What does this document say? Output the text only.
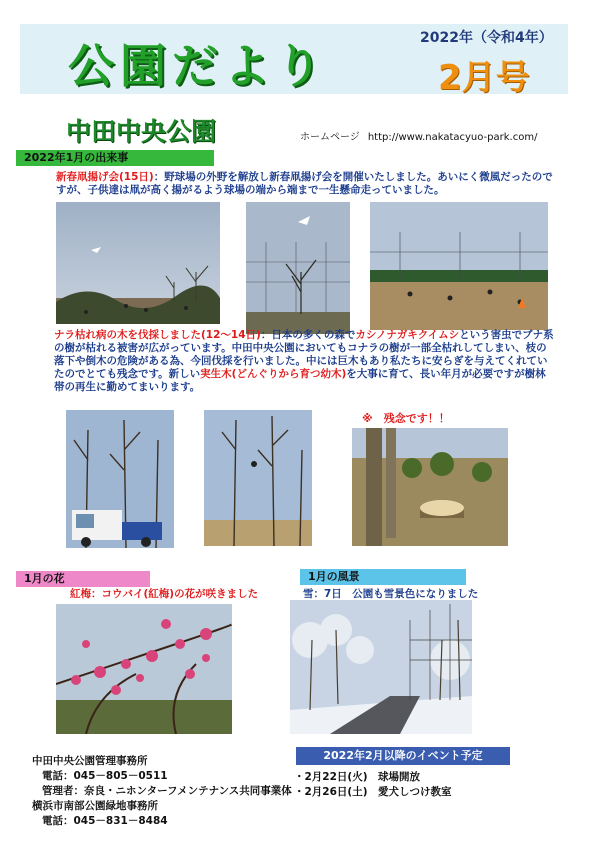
公園だより
2022年（令和4年）
2月号
中田中央公園	ホームページ http://www.nakatacyuo-park.com/
2022年1月の出来事
新春凧揚げ会(15日)：野球場の外野を解放し新春凧揚げ会を開催いたしました。あいにく微風だったのですが、子供達は凧が高く揚がるよう球場の端から端まで一生懸命走っていました。
ナラ枯れ病の木を伐採しました(12～14日)：日本の多くの森でカシノナガキクイムシという害虫でブナ系の樹が枯れる被害が広がっています。中田中央公園においてもコナラの樹が一部全枯れしてしまい、枝の落下や倒木の危険がある為、今回伐採を行いました。中には巨木もあり私たちに安らぎを与えてくれていたのでとても残念です。新しい実生木(どんぐりから育つ幼木)を大事に育て、長い年月が必要ですが樹林帯の再生に勤めてまいります。
※　残念です！！
1月の花
紅梅：コウバイ(紅梅)の花が咲きました
1月の風景
雪：7日　公園も雪景色になりました
中田中央公園管理事務所
電話：045－805－0511
管理者：奈良・ニホンターフメンテナンス共同事業体
横浜市南部公園緑地事務所
電話：045－831－8484
2022年2月以降のイベント予定
・2月22日(火)　球場開放
・2月26日(土)　愛犬しつけ教室
